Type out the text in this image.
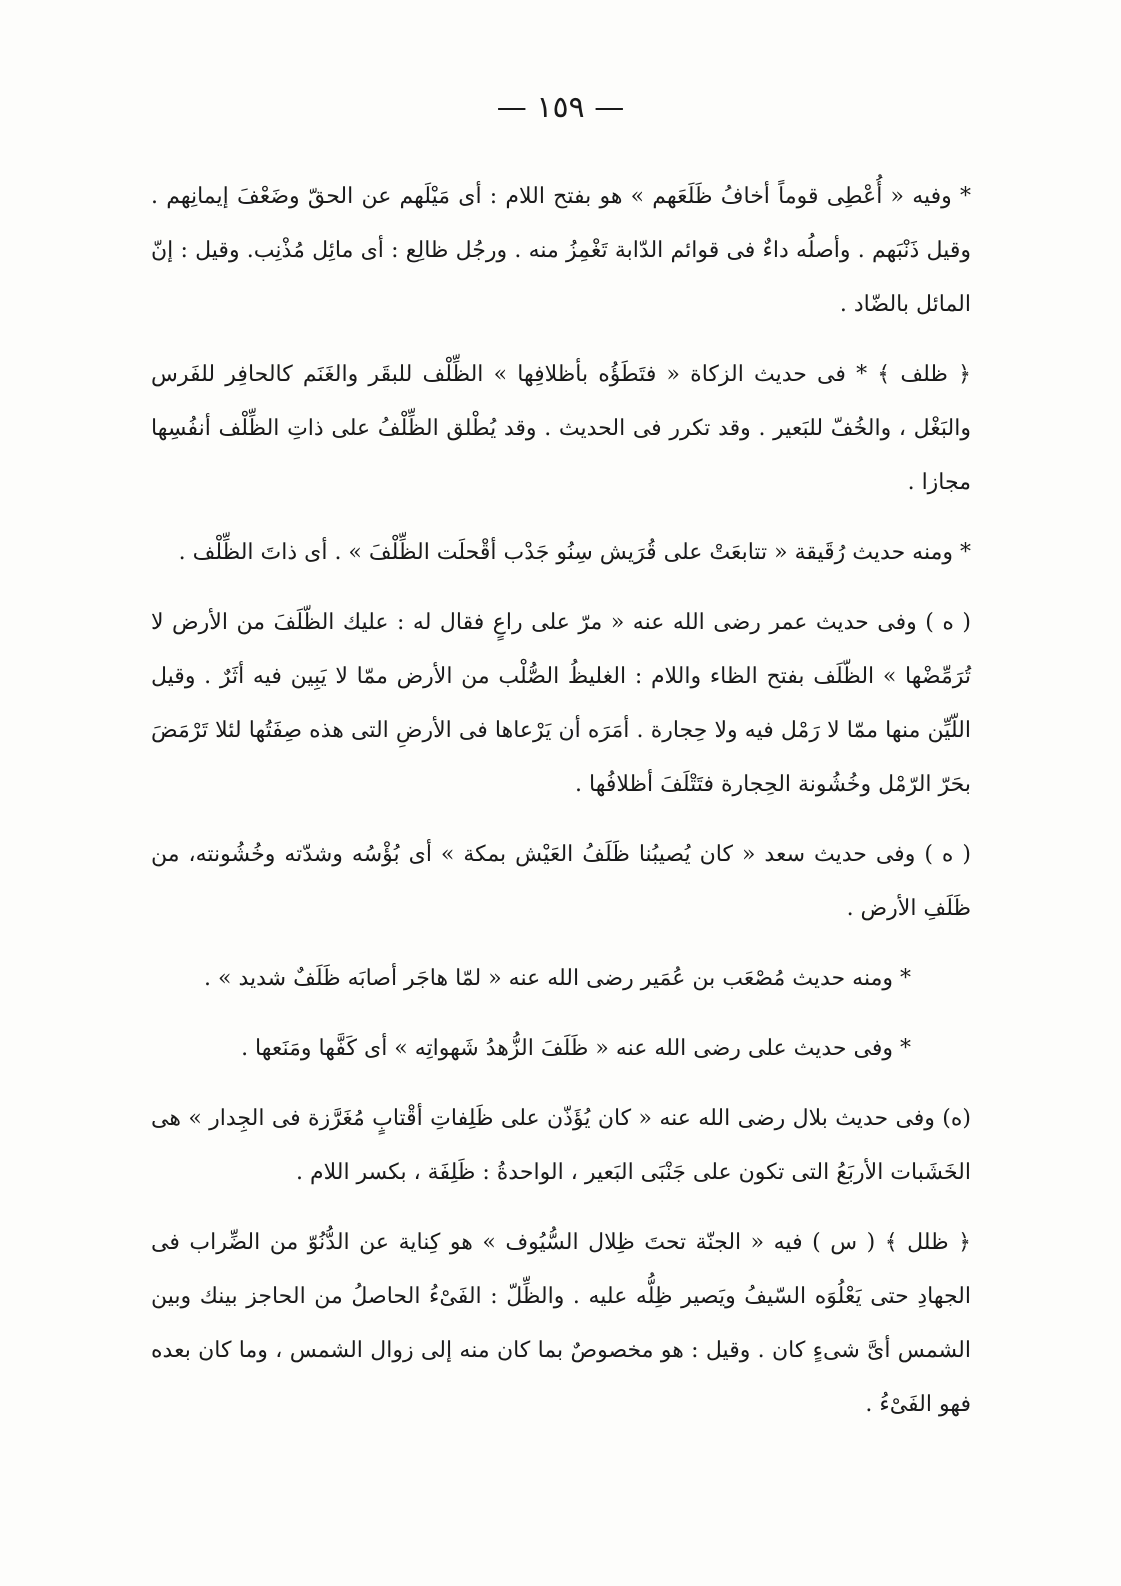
— ١٥٩ —

* وفيه « أُعْطِى قوماً أخافُ ظَلَعَهم » هو بفتح اللام : أى مَيْلَهم عن الحقّ وضَعْفَ إيمانِهم . وقيل ذَنْبَهم . وأصلُه داءٌ فى قوائم الدّابة تَغْمِزُ منه . ورجُل ظالِع : أى مائِل مُذْنِب. وقيل : إنّ المائل بالضّاد .

﴿ ظلف ﴾ * فى حديث الزكاة « فتَطَؤُه بأظلافِها » الظِّلْف للبقَر والغَنَم كالحافِر للفَرس والبَغْل ، والخُفّ للبَعير . وقد تكرر فى الحديث . وقد يُطْلق الظِّلْفُ على ذاتِ الظِّلْف أنفُسِها مجازا .

* ومنه حديث رُقَيقة « تتابعَتْ على قُرَيش سِنُو جَدْب أقْحلَت الظِّلْفَ » . أى ذاتَ الظِّلْف .

( ه ) وفى حديث عمر رضى الله عنه « مرّ على راعٍ فقال له : عليك الظّلَفَ من الأرض لا تُرَمِّضْها » الظّلَف بفتح الظاء واللام : الغليظُ الصُّلْب من الأرض ممّا لا يَبِين فيه أثَرٌ . وقيل اللّيِّن منها ممّا لا رَمْل فيه ولا حِجارة . أمَرَه أن يَرْعاها فى الأرضِ التى هذه صِفَتُها لئلا تَرْمَضَ بحَرّ الرّمْل وخُشُونة الحِجارة فتَتْلَفَ أظلافُها .

( ه ) وفى حديث سعد « كان يُصيبُنا ظَلَفُ العَيْش بمكة » أى بُؤْسُه وشدّته وخُشُونته، من ظَلَفِ الأرض .

* ومنه حديث مُصْعَب بن عُمَير رضى الله عنه « لمّا هاجَر أصابَه ظَلَفٌ شديد » .

* وفى حديث على رضى الله عنه « ظَلَفَ الزُّهدُ شَهواتِه » أى كَفَّها ومَنَعها .

(ه) وفى حديث بلال رضى الله عنه « كان يُؤَذّن على ظَلِفاتِ أقْتابٍ مُغَرَّزة فى الجِدار » هى الخَشَبات الأربَعُ التى تكون على جَنْبَى البَعير ، الواحدةُ : ظَلِفَة ، بكسر اللام .

﴿ ظلل ﴾ ( س ) فيه « الجنّة تحتَ ظِلال السُّيُوف » هو كِناية عن الدُّنُوّ من الضِّراب فى الجهادِ حتى يَعْلُوَه السّيفُ ويَصير ظِلُّه عليه . والظِّلّ : الفَىْءُ الحاصلُ من الحاجز بينك وبين الشمس أىَّ شىءٍ كان . وقيل : هو مخصوصٌ بما كان منه إلى زوال الشمس ، وما كان بعده فهو الفَىْءُ .
